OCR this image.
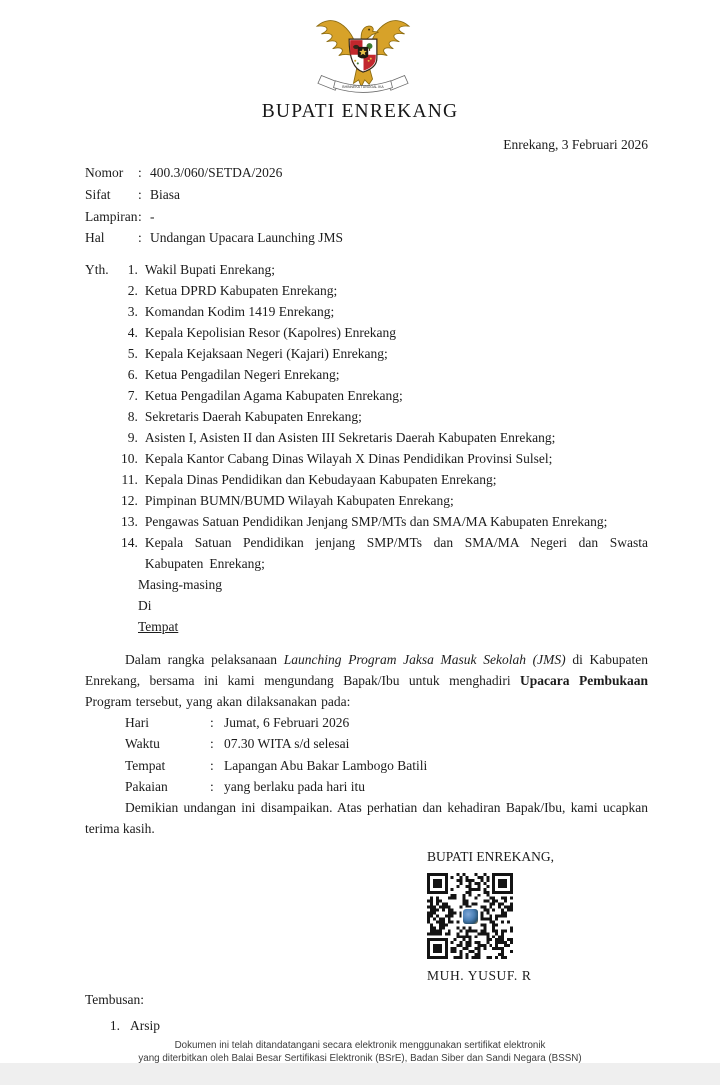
BHINNEKA TUNGGAL IKA
BUPATI ENREKANG
Enrekang, 3 Februari 2026
Nomor	:	400.3/060/SETDA/2026
Sifat	:	Biasa
Lampiran	:	-
Hal	:	Undangan Upacara Launching JMS
Yth. 1.	Wakil Bupati Enrekang;
2.	Ketua DPRD Kabupaten Enrekang;
3.	Komandan Kodim 1419 Enrekang;
4.	Kepala Kepolisian Resor (Kapolres) Enrekang
5.	Kepala Kejaksaan Negeri (Kajari) Enrekang;
6.	Ketua Pengadilan Negeri Enrekang;
7.	Ketua Pengadilan Agama Kabupaten Enrekang;
8.	Sekretaris Daerah Kabupaten Enrekang;
9.	Asisten I, Asisten II dan Asisten III Sekretaris Daerah Kabupaten Enrekang;
10.	Kepala Kantor Cabang Dinas Wilayah X Dinas Pendidikan Provinsi Sulsel;
11.	Kepala Dinas Pendidikan dan Kebudayaan Kabupaten Enrekang;
12.	Pimpinan BUMN/BUMD Wilayah Kabupaten Enrekang;
13.	Pengawas Satuan Pendidikan Jenjang SMP/MTs dan SMA/MA Kabupaten Enrekang;
14.	Kepala Satuan Pendidikan jenjang SMP/MTs dan SMA/MA Negeri dan Swasta Kabupaten Enrekang;
Masing-masing
Di
Tempat
Dalam rangka pelaksanaan Launching Program Jaksa Masuk Sekolah (JMS) di Kabupaten Enrekang, bersama ini kami mengundang Bapak/Ibu untuk menghadiri Upacara Pembukaan Program tersebut, yang akan dilaksanakan pada:
Hari	:	Jumat, 6 Februari 2026
Waktu	:	07.30 WITA s/d selesai
Tempat	:	Lapangan Abu Bakar Lambogo Batili
Pakaian	:	yang berlaku pada hari itu
Demikian undangan ini disampaikan. Atas perhatian dan kehadiran Bapak/Ibu, kami ucapkan terima kasih.
BUPATI ENREKANG,
MUH. YUSUF. R
Tembusan:
1. Arsip
Dokumen ini telah ditandatangani secara elektronik menggunakan sertifikat elektronik
yang diterbitkan oleh Balai Besar Sertifikasi Elektronik (BSrE), Badan Siber dan Sandi Negara (BSSN)
